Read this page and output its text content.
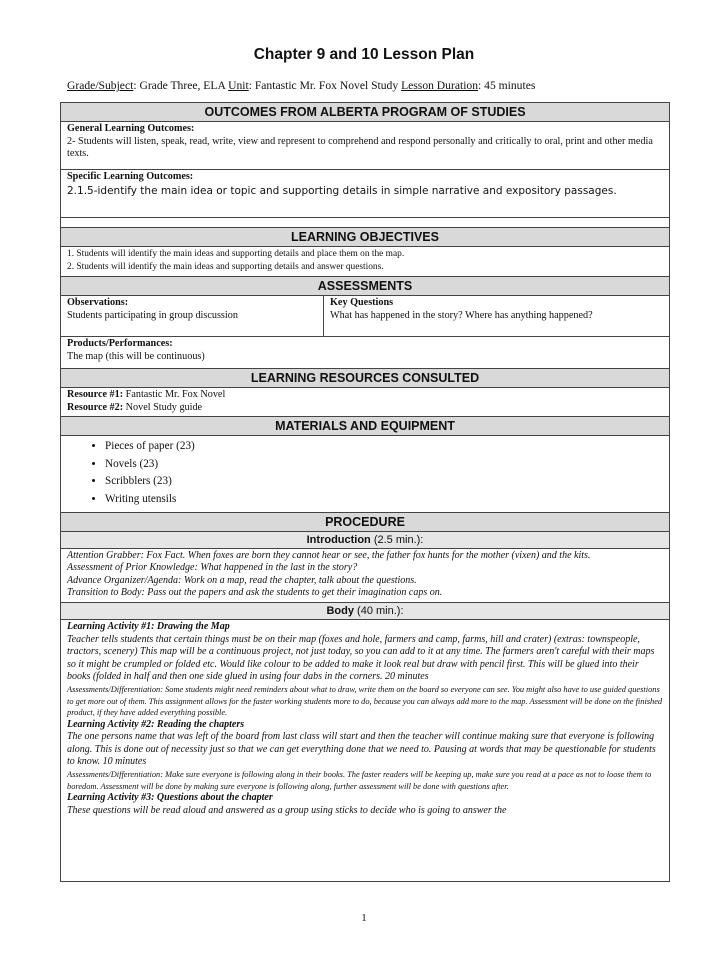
Chapter 9 and 10 Lesson Plan
Grade/Subject: Grade Three, ELA Unit: Fantastic Mr. Fox Novel Study Lesson Duration: 45 minutes
OUTCOMES FROM ALBERTA PROGRAM OF STUDIES
General Learning Outcomes:
2- Students will listen, speak, read, write, view and represent to comprehend and respond personally and critically to oral, print and other media texts.
Specific Learning Outcomes:
2.1.5-identify the main idea or topic and supporting details in simple narrative and expository passages.
LEARNING OBJECTIVES
1. Students will identify the main ideas and supporting details and place them on the map.
2. Students will identify the main ideas and supporting details and answer questions.
ASSESSMENTS
Observations:
Students participating in group discussion
Key Questions
What has happened in the story? Where has anything happened?
Products/Performances:
The map (this will be continuous)
LEARNING RESOURCES CONSULTED
Resource #1: Fantastic Mr. Fox Novel
Resource #2: Novel Study guide
MATERIALS AND EQUIPMENT
• Pieces of paper (23)
• Novels (23)
• Scribblers (23)
• Writing utensils
PROCEDURE
Introduction (2.5 min.):
Attention Grabber: Fox Fact. When foxes are born they cannot hear or see, the father fox hunts for the mother (vixen) and the kits.
Assessment of Prior Knowledge: What happened in the last in the story?
Advance Organizer/Agenda: Work on a map, read the chapter, talk about the questions.
Transition to Body: Pass out the papers and ask the students to get their imagination caps on.
Body (40 min.):
Learning Activity #1: Drawing the Map
Teacher tells students that certain things must be on their map (foxes and hole, farmers and camp, farms, hill and crater) (extras: townspeople, tractors, scenery) This map will be a continuous project, not just today, so you can add to it at any time. The farmers aren't careful with their maps so it might be crumpled or folded etc. Would like colour to be added to make it look real but draw with pencil first. This will be glued into their books (folded in half and then one side glued in using four dabs in the corners. 20 minutes
Assessments/Differentiation: Some students might need reminders about what to draw, write them on the board so everyone can see. You might also have to use guided questions to get more out of them. This assignment allows for the faster working students more to do, because you can always add more to the map. Assessment will be done on the finished product, if they have added everything possible.
Learning Activity #2: Reading the chapters
The one persons name that was left of the board from last class will start and then the teacher will continue making sure that everyone is following along. This is done out of necessity just so that we can get everything done that we need to. Pausing at words that may be questionable for students to know. 10 minutes
Assessments/Differentiation: Make sure everyone is following along in their books. The faster readers will be keeping up, make sure you read at a pace as not to loose them to boredom. Assessment will be done by making sure everyone is following along, further assessment will be done with questions after.
Learning Activity #3: Questions about the chapter
These questions will be read aloud and answered as a group using sticks to decide who is going to answer the
1
